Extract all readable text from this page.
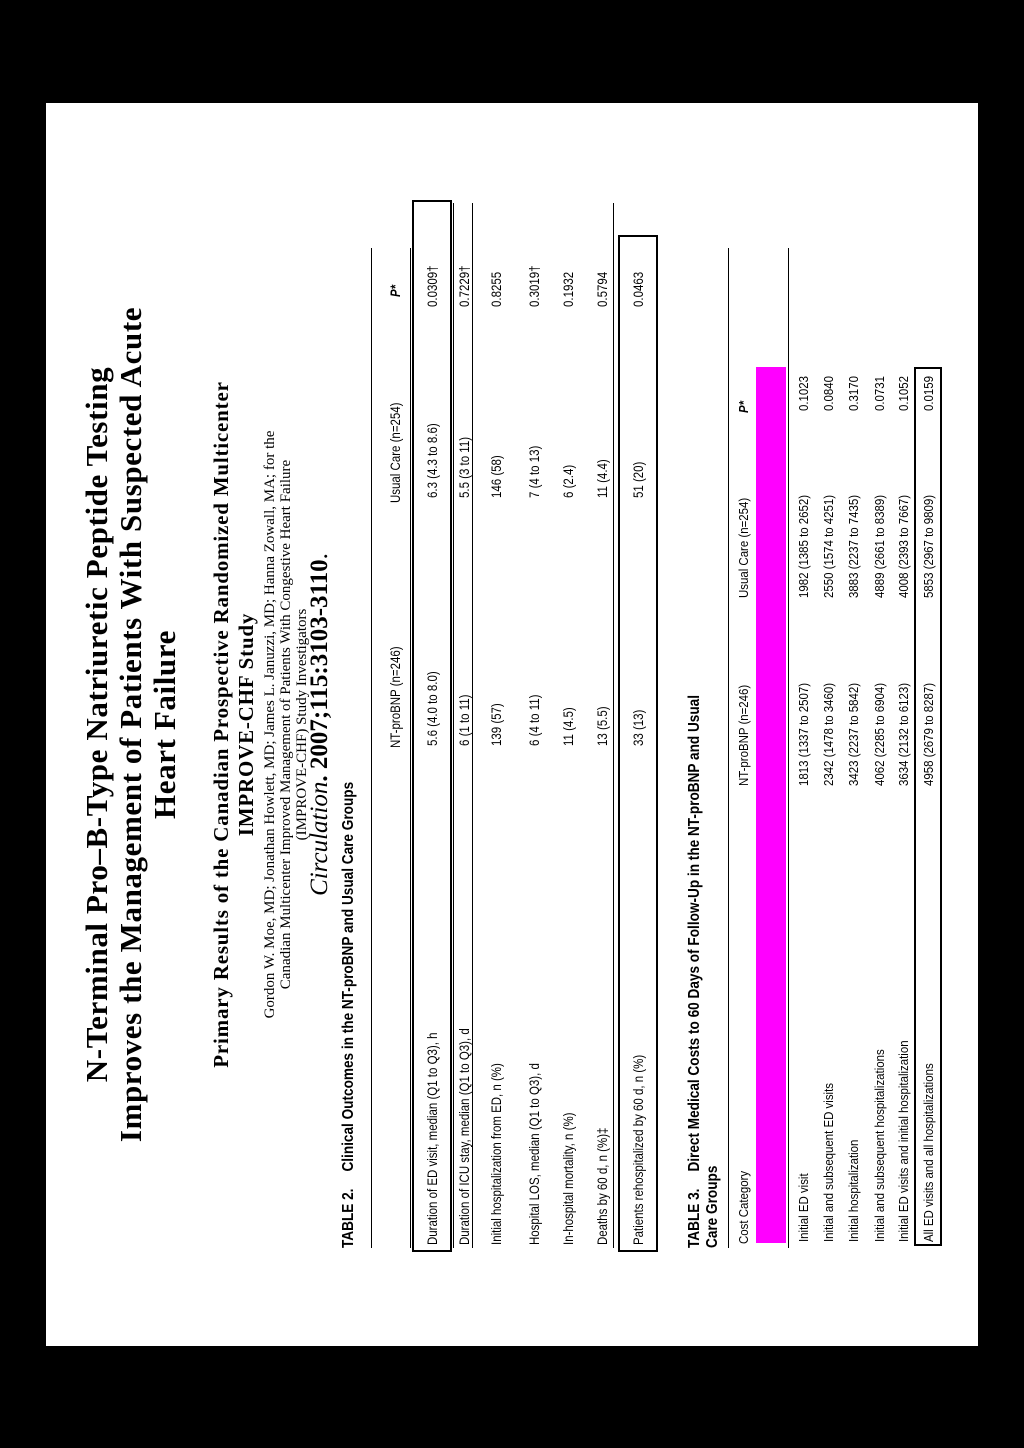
N-Terminal Pro–B-Type Natriuretic Peptide Testing Improves the Management of Patients With Suspected Acute Heart Failure Primary Results of the Canadian Prospective Randomized Multicenter IMPROVE-CHF Study Gordon W. Moe, MD; Jonathan Howlett, MD; James L. Januzzi, MD; Hanna Zowall, MA; for the Canadian Multicenter Improved Management of Patients With Congestive Heart Failure (IMPROVE-CHF) Study Investigators
Circulation. 2007;115:3103-3110.
TABLE 2.Clinical Outcomes in the NT-proBNP and Usual Care Groups
NT-proBNP (n=246)
Usual Care (n=254)
P*
Duration of ED visit, median (Q1 to Q3), h
5.6 (4.0 to 8.0)
6.3 (4.3 to 8.6)
0.0309†
Duration of ICU stay, median (Q1 to Q3), d
6 (1 to 11)
5.5 (3 to 11)
0.7229†
Initial hospitalization from ED, n (%)
139 (57)
146 (58)
0.8255
Hospital LOS, median (Q1 to Q3), d
6 (4 to 11)
7 (4 to 13)
0.3019†
In-hospital mortality, n (%)
11 (4.5)
6 (2.4)
0.1932
Deaths by 60 d, n (%)‡
13 (5.5)
11 (4.4)
0.5794
Patients rehospitalized by 60 d, n (%)
33 (13)
51 (20)
0.0463
TABLE 3.Direct Medical Costs to 60 Days of Follow-Up in the NT-proBNP and Usual
Care Groups Cost Category
NT-proBNP (n=246)
Usual Care (n=254)
P*
Initial ED visit
1813 (1337 to 2507)
1982 (1385 to 2652)
0.1023
Initial and subsequent ED visits
2342 (1478 to 3460)
2550 (1574 to 4251)
0.0840
Initial hospitalization
3423 (2237 to 5842)
3883 (2237 to 7435)
0.3170
Initial and subsequent hospitalizations
4062 (2285 to 6904)
4889 (2661 to 8389)
0.0731
Initial ED visits and initial hospitalization
3634 (2132 to 6123)
4008 (2393 to 7667)
0.1052
All ED visits and all hospitalizations
4958 (2679 to 8287)
5853 (2967 to 9809)
0.0159
